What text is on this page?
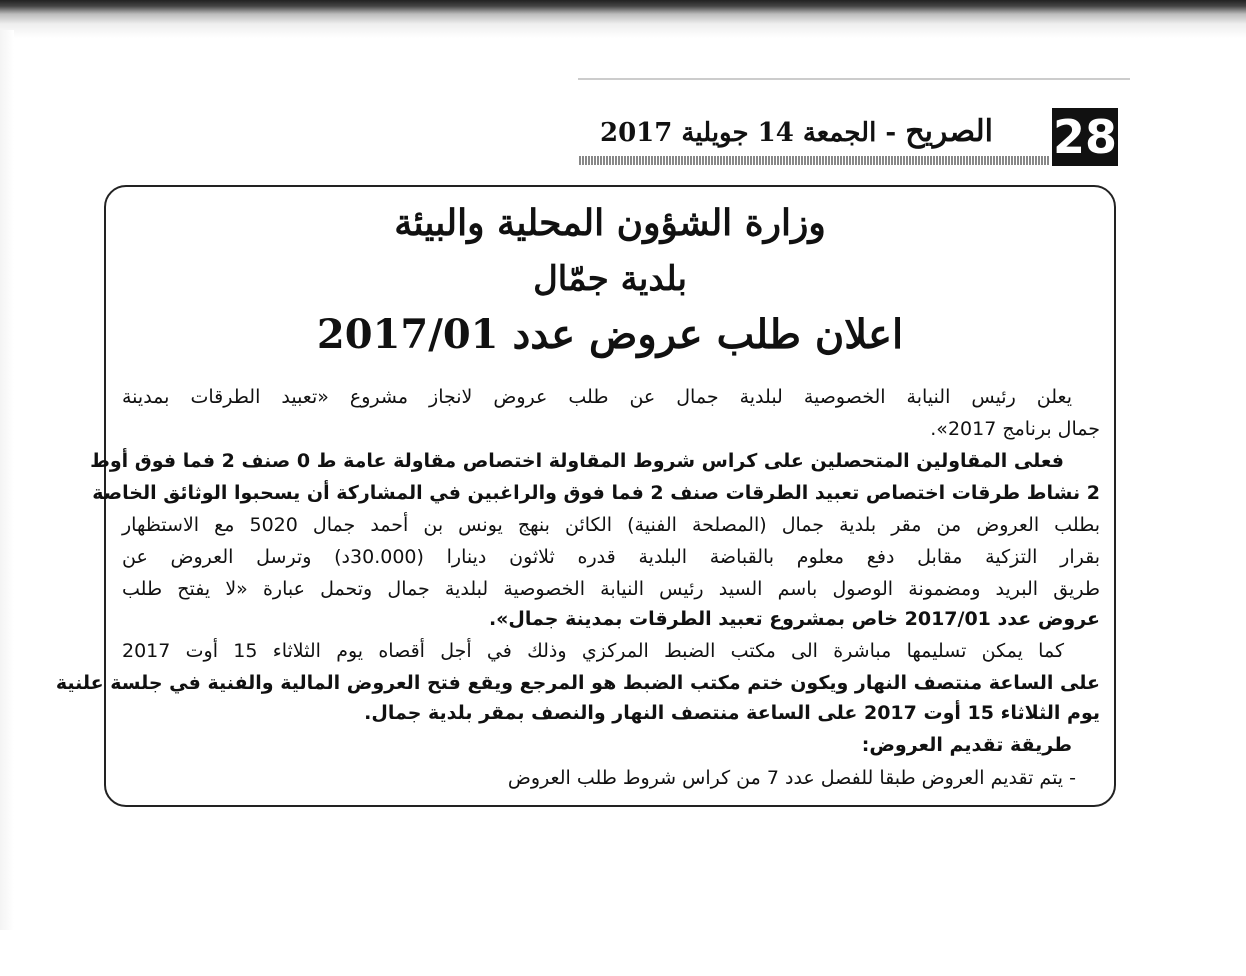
28
الصريح - الجمعة 14 جويلية 2017
وزارة الشؤون المحلية والبيئة
بلدية جمّال
اعلان طلب عروض عدد 2017/01
يعلن رئيس النيابة الخصوصية لبلدية جمال عن طلب عروض لانجاز مشروع «تعبيد الطرقات بمدينة
جمال برنامج 2017».
فعلى المقاولين المتحصلين على كراس شروط المقاولة اختصاص مقاولة عامة ط 0 صنف 2 فما فوق أوط
2 نشاط طرقات اختصاص تعبيد الطرقات صنف 2 فما فوق والراغبين في المشاركة أن يسحبوا الوثائق الخاصة
بطلب العروض من مقر بلدية جمال (المصلحة الفنية) الكائن بنهج يونس بن أحمد جمال 5020 مع الاستظهار
بقرار التزكية مقابل دفع معلوم بالقباضة البلدية قدره ثلاثون دينارا (30.000د) وترسل العروض عن
طريق البريد ومضمونة الوصول باسم السيد رئيس النيابة الخصوصية لبلدية جمال وتحمل عبارة «لا يفتح طلب
عروض عدد 2017/01 خاص بمشروع تعبيد الطرقات بمدينة جمال».
كما يمكن تسليمها مباشرة الى مكتب الضبط المركزي وذلك في أجل أقصاه يوم الثلاثاء 15 أوت 2017
على الساعة منتصف النهار ويكون ختم مكتب الضبط هو المرجع ويقع فتح العروض المالية والفنية في جلسة علنية
يوم الثلاثاء 15 أوت 2017 على الساعة منتصف النهار والنصف بمقر بلدية جمال.
طريقة تقديم العروض:
- يتم تقديم العروض طبقا للفصل عدد 7 من كراس شروط طلب العروض
